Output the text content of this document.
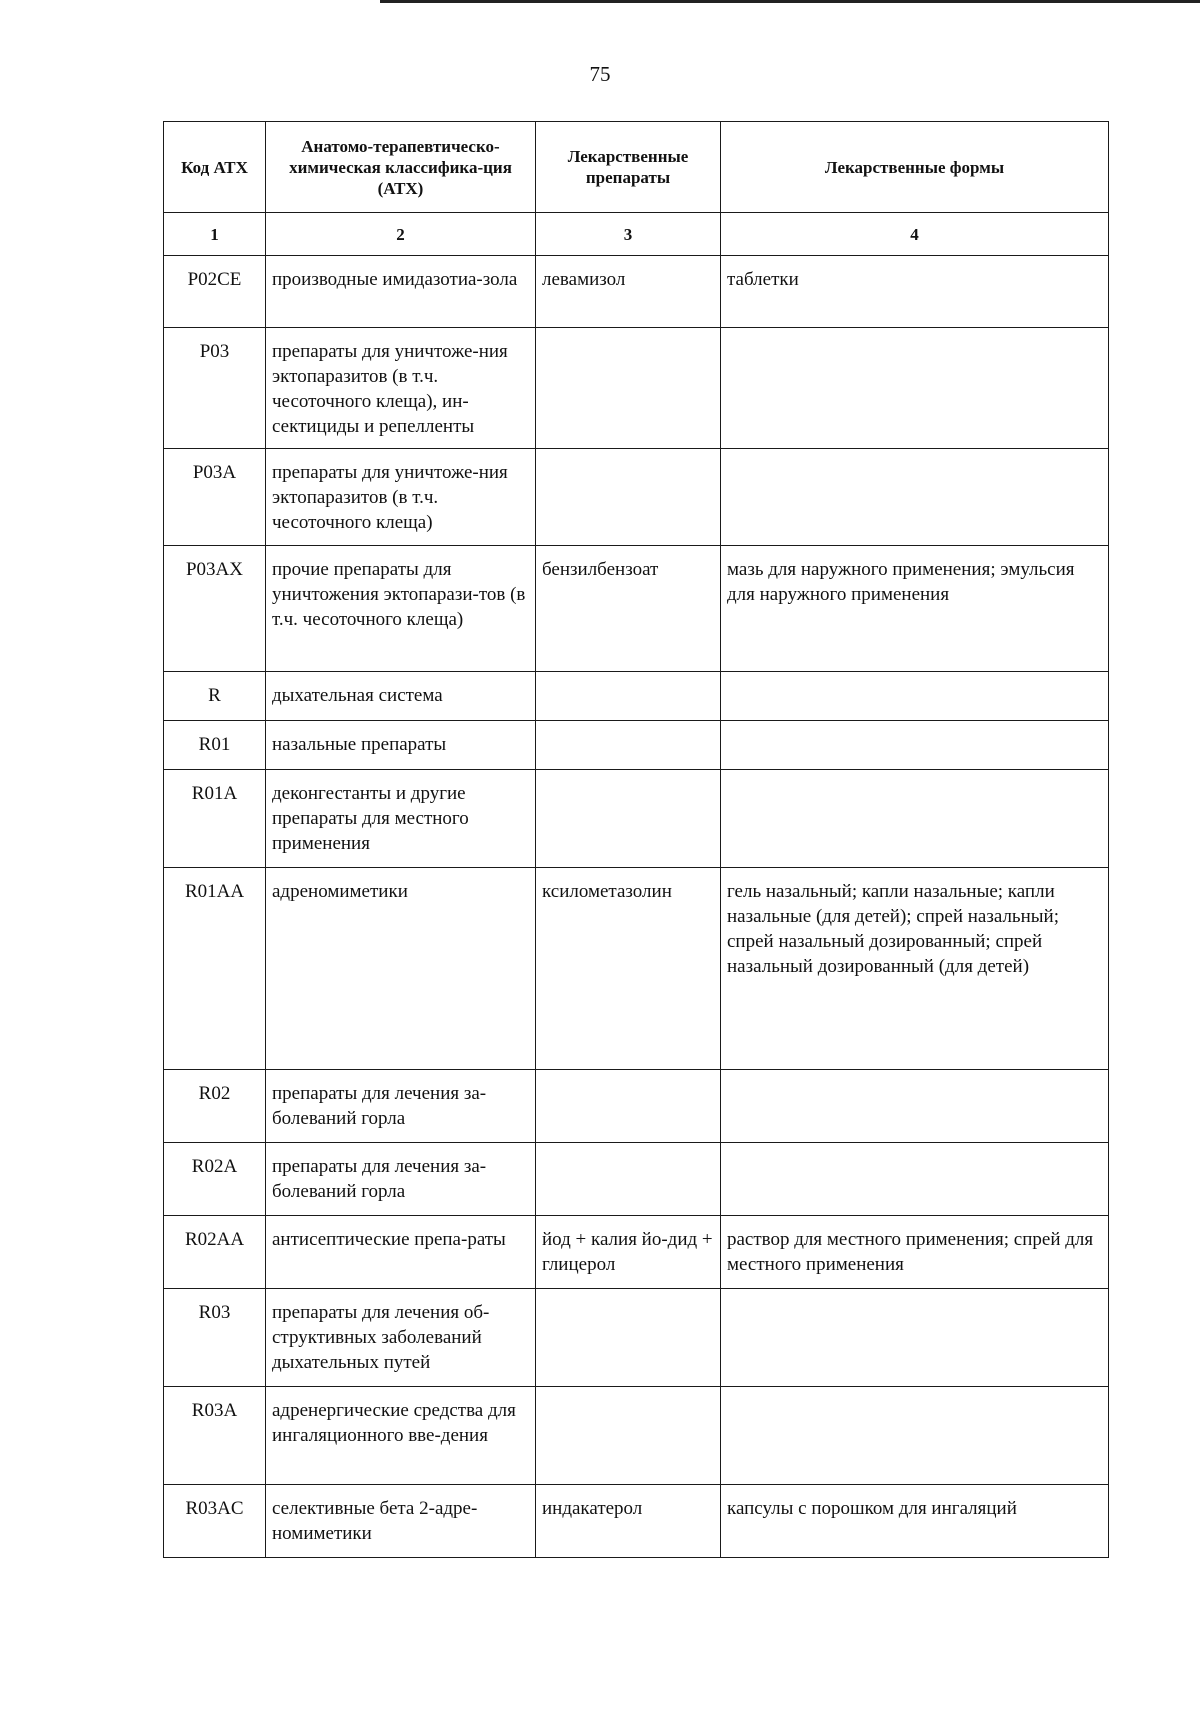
75
Код АТХ	Анатомо-терапевтическо-химическая классифика-ция (АТХ)	Лекарственные препараты	Лекарственные формы
1	2	3	4
P02CE	производные имидазотиа-зола	левамизол	таблетки
P03	препараты для уничтоже-ния эктопаразитов (в т.ч. чесоточного клеща), ин-сектициды и репелленты		
P03A	препараты для уничтоже-ния эктопаразитов (в т.ч. чесоточного клеща)		
P03AX	прочие препараты для уничтожения эктопарази-тов (в т.ч. чесоточного клеща)	бензилбензоат	мазь для наружного применения; эмульсия для наружного применения
R	дыхательная система		
R01	назальные препараты		
R01A	деконгестанты и другие препараты для местного применения		
R01AA	адреномиметики	ксилометазолин	гель назальный; капли назальные; капли назальные (для детей); спрей назальный; спрей назальный дозированный; спрей назальный дозированный (для детей)
R02	препараты для лечения за-болеваний горла		
R02A	препараты для лечения за-болеваний горла		
R02AA	антисептические препа-раты	йод + калия йо-дид + глицерол	раствор для местного применения; спрей для местного применения
R03	препараты для лечения об-структивных заболеваний дыхательных путей		
R03A	адренергические средства для ингаляционного вве-дения		
R03AC	селективные бета 2-адре-номиметики	индакатерол	капсулы с порошком для ингаляций
